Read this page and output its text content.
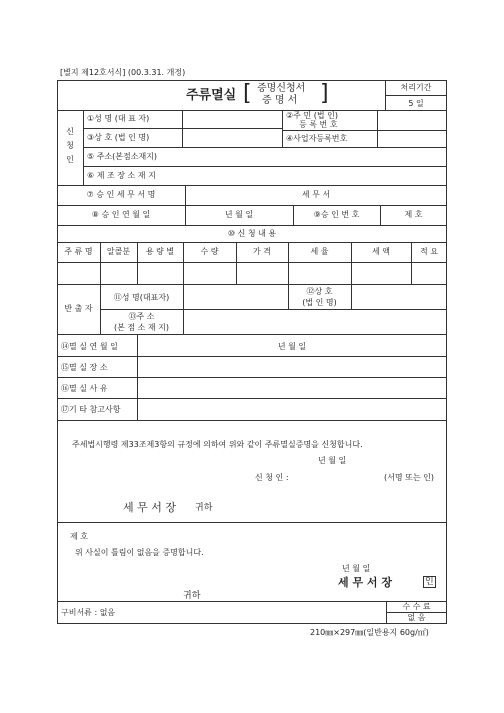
[별지 제12호서식] (00.3.31. 개정)
주류멸실 [ 증명신청서
증 명 서 ]	처리기간
5 일
신
청
인
①성 명 (대 표 자)	②주 민 (법 인)
등 록 번 호
③상 호 (법 인 명)	④사업자등록번호
⑤ 주소(본점소재지)
⑥ 제 조 장 소 재 지
⑦ 승 인 세 무 서 명	세 무 서
⑧ 승 인 연 월 일	년 월 일	⑨승 인 번 호	제 호
⑩ 신 청 내 용
주 류 명	알콜분	용 량 별	수 량	가 격	세 율	세 액	적 요
반 출 자
⑪성 명(대표자)
⑫상 호
(법 인 명)
⑬주 소
(본 점 소 재 지)
⑭멸 실 연 월 일	년 월 일
⑮멸 실 장 소
⑯멸 실 사 유
⑰기 타 참고사항
주세법시행령 제33조제3항의 규정에 의하여 위와 같이 주류멸실증명을 신청합니다.
년 월 일
신 청 인 :	(서명 또는 인)
세 무 서 장 귀하
제 호
위 사실이 틀림이 없음을 증명합니다.
년 월 일
세 무 서 장	인
귀하
구비서류 : 없음
수 수 료
없 음
210㎜×297㎜(일반용지 60g/㎡)
